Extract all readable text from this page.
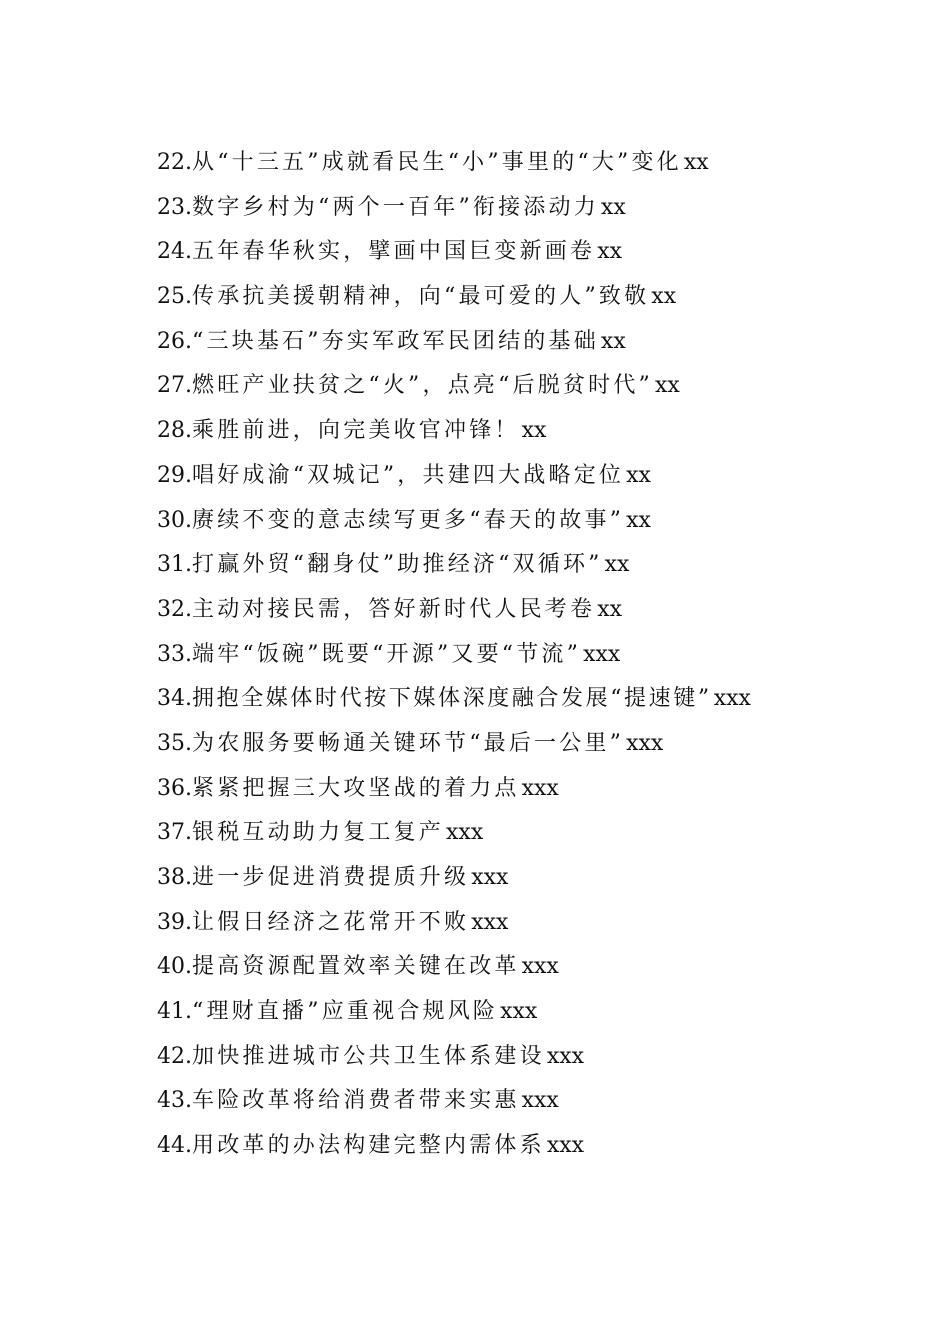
22.从“十三五”成就看民生“小”事里的“大”变化xx
23.数字乡村为“两个一百年”衔接添动力xx
24.五年春华秋实，擘画中国巨变新画卷xx
25.传承抗美援朝精神，向“最可爱的人”致敬xx
26.“三块基石”夯实军政军民团结的基础xx
27.燃旺产业扶贫之“火”，点亮“后脱贫时代”xx
28.乘胜前进，向完美收官冲锋！xx
29.唱好成渝“双城记”，共建四大战略定位xx
30.赓续不变的意志续写更多“春天的故事”xx
31.打赢外贸“翻身仗”助推经济“双循环”xx
32.主动对接民需，答好新时代人民考卷xx
33.端牢“饭碗”既要“开源”又要“节流”xxx
34.拥抱全媒体时代按下媒体深度融合发展“提速键”xxx
35.为农服务要畅通关键环节“最后一公里”xxx
36.紧紧把握三大攻坚战的着力点xxx
37.银税互动助力复工复产xxx
38.进一步促进消费提质升级xxx
39.让假日经济之花常开不败xxx
40.提高资源配置效率关键在改革xxx
41.“理财直播”应重视合规风险xxx
42.加快推进城市公共卫生体系建设xxx
43.车险改革将给消费者带来实惠xxx
44.用改革的办法构建完整内需体系xxx
